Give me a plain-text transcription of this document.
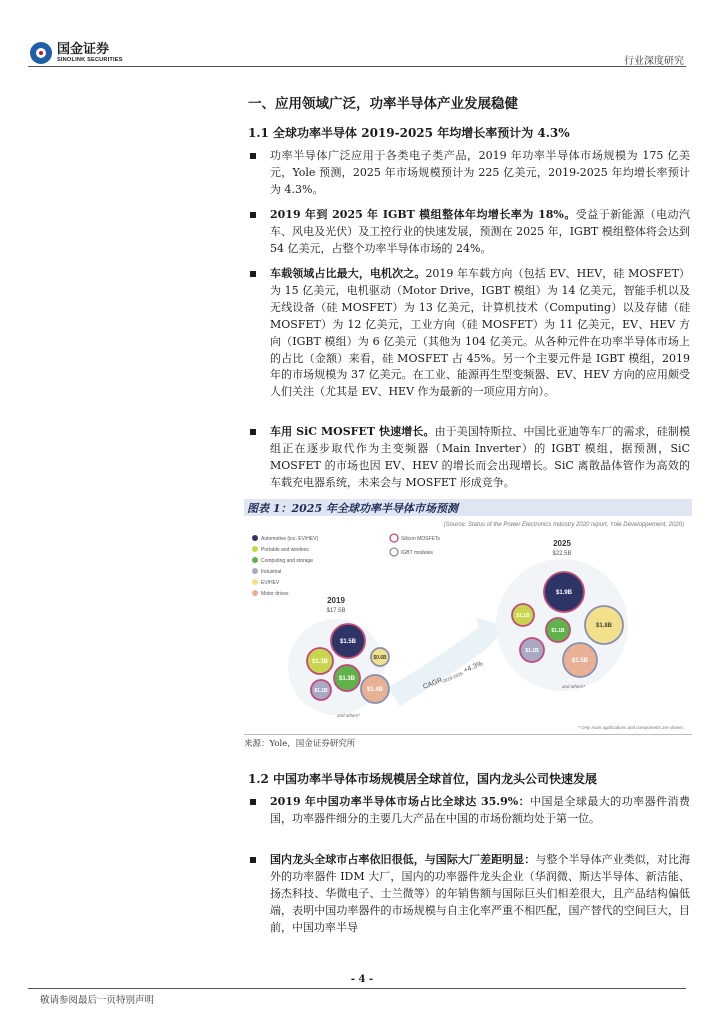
国金证券
SINOLINK SECURITIES	行业深度研究
一、应用领域广泛，功率半导体产业发展稳健
1.1 全球功率半导体 2019-2025 年均增长率预计为 4.3%
功率半导体广泛应用于各类电子类产品，2019 年功率半导体市场规模为 175 亿美元，Yole 预测，2025 年市场规模预计为 225 亿美元，2019-2025 年均增长率预计为 4.3%。
2019 年到 2025 年 IGBT 模组整体年均增长率为 18%。受益于新能源（电动汽车、风电及光伏）及工控行业的快速发展，预测在 2025 年，IGBT 模组整体将会达到 54 亿美元，占整个功率半导体市场的 24%。
车载领域占比最大，电机次之。2019 年车载方向（包括 EV、HEV，硅 MOSFET）为 15 亿美元，电机驱动（Motor Drive，IGBT 模组）为 14 亿美元，智能手机以及无线设备（硅 MOSFET）为 13 亿美元，计算机技术（Computing）以及存储（硅 MOSFET）为 12 亿美元，工业方向（硅 MOSFET）为 11 亿美元，EV、HEV 方向（IGBT 模组）为 6 亿美元（其他为 104 亿美元。从各种元件在功率半导体市场上的占比（金额）来看，硅 MOSFET 占 45%。另一个主要元件是 IGBT 模组，2019 年的市场规模为 37 亿美元。在工业、能源再生型变频器、EV、HEV 方向的应用颇受人们关注（尤其是 EV、HEV 作为最新的一项应用方向）。
车用 SiC MOSFET 快速增长。由于美国特斯拉、中国比亚迪等车厂的需求，硅制模组正在逐步取代作为主变频器（Main Inverter）的 IGBT 模组，据预测，SiC MOSFET 的市场也因 EV、HEV 的增长而会出现增长。SiC 离散晶体管作为高效的车载充电器系统，未来会与 MOSFET 形成竞争。
图表 1：2025 年全球功率半导体市场预测
(Source: Status of the Power Electronics Industry 2020 report, Yole Développement, 2020)
Automotive (inc. EV/HEV)
Portable and wireless
Computing and storage
Industrial
EV/HEV
Motor drives
Silicon MOSFETs
IGBT modules
$CAGR_{2019-2025}+4.3\%$
2019
$17.5B
$1.5B
$1.3B
$1.3B
$0.6B
$1.1B	$1.4B
and others*
2025
$22.5B
$1.9B
$1.1B
$1.1B
$1.8B
$1.1B
$1.5B
and others*
* Only main applications and components are shown.
来源：Yole，国金证券研究所
1.2 中国功率半导体市场规模居全球首位，国内龙头公司快速发展
2019 年中国功率半导体市场占比全球达 35.9%：中国是全球最大的功率器件消费国，功率器件细分的主要几大产品在中国的市场份额均处于第一位。
国内龙头全球市占率依旧很低，与国际大厂差距明显：与整个半导体产业类似，对比海外的功率器件 IDM 大厂，国内的功率器件龙头企业（华润微、斯达半导体、新洁能、扬杰科技、华微电子、士兰微等）的年销售额与国际巨头们相差很大，且产品结构偏低端，表明中国功率器件的市场规模与自主化率严重不相匹配，国产替代的空间巨大，目前，中国功率半导
- 4 -
敬请参阅最后一页特别声明
